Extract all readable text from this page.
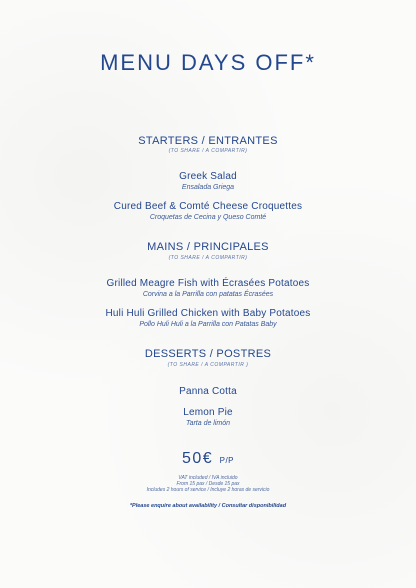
MENU DAYS OFF*
STARTERS / ENTRANTES
(TO SHARE / A COMPARTIR)
Greek Salad
Ensalada Griega
Cured Beef & Comté Cheese Croquettes
Croquetas de Cecina y Queso Comté
MAINS / PRINCIPALES
(TO SHARE / A COMPARTIR)
Grilled Meagre Fish with Écrasées Potatoes
Corvina a la Parrilla con patatas Écrasées
Huli Huli Grilled Chicken with Baby Potatoes
Pollo Huli Huli a la Parrilla con Patatas Baby
DESSERTS / POSTRES
(TO SHARE / A COMPARTIR )
Panna Cotta
Lemon Pie
Tarta de limón
50€ P/P
VAT included / IVA incluido
From 15 pax / Desde 15 pax
Includes 2 hours of service / Incluye 2 horas de servicio
*Please enquire about availability / Consultar disponibilidad
